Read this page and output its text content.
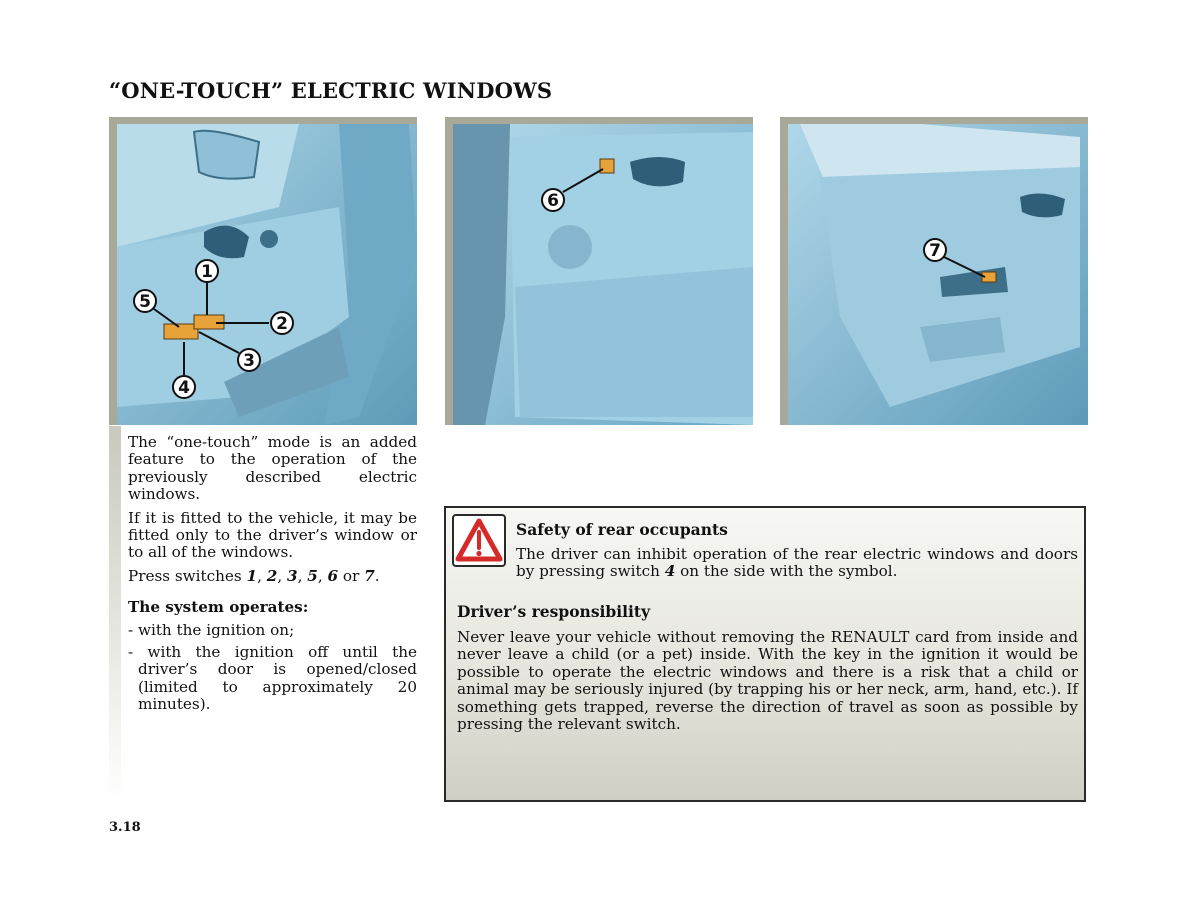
“ONE-TOUCH” ELECTRIC WINDOWS
1
2
3
4
5
6
7

The “one-touch” mode is an added feature to the operation of the previously described electric windows.

If it is fitted to the vehicle, it may be fitted only to the driver’s window or to all of the windows.

Press switches 1, 2, 3, 5, 6 or 7.

The system operates:

- with the ignition on;

- with the ignition off until the driver’s door is opened/closed (limited to approximately 20 minutes).

Safety of rear occupants
The driver can inhibit operation of the rear electric windows and doors by pressing switch 4 on the side with the symbol.
Driver’s responsibility
Never leave your vehicle without removing the RENAULT card from inside and never leave a child (or a pet) inside. With the key in the ignition it would be possible to operate the electric windows and there is a risk that a child or animal may be seriously injured (by trapping his or her neck, arm, hand, etc.). If something gets trapped, reverse the direction of travel as soon as possible by pressing the relevant switch.
3.18
